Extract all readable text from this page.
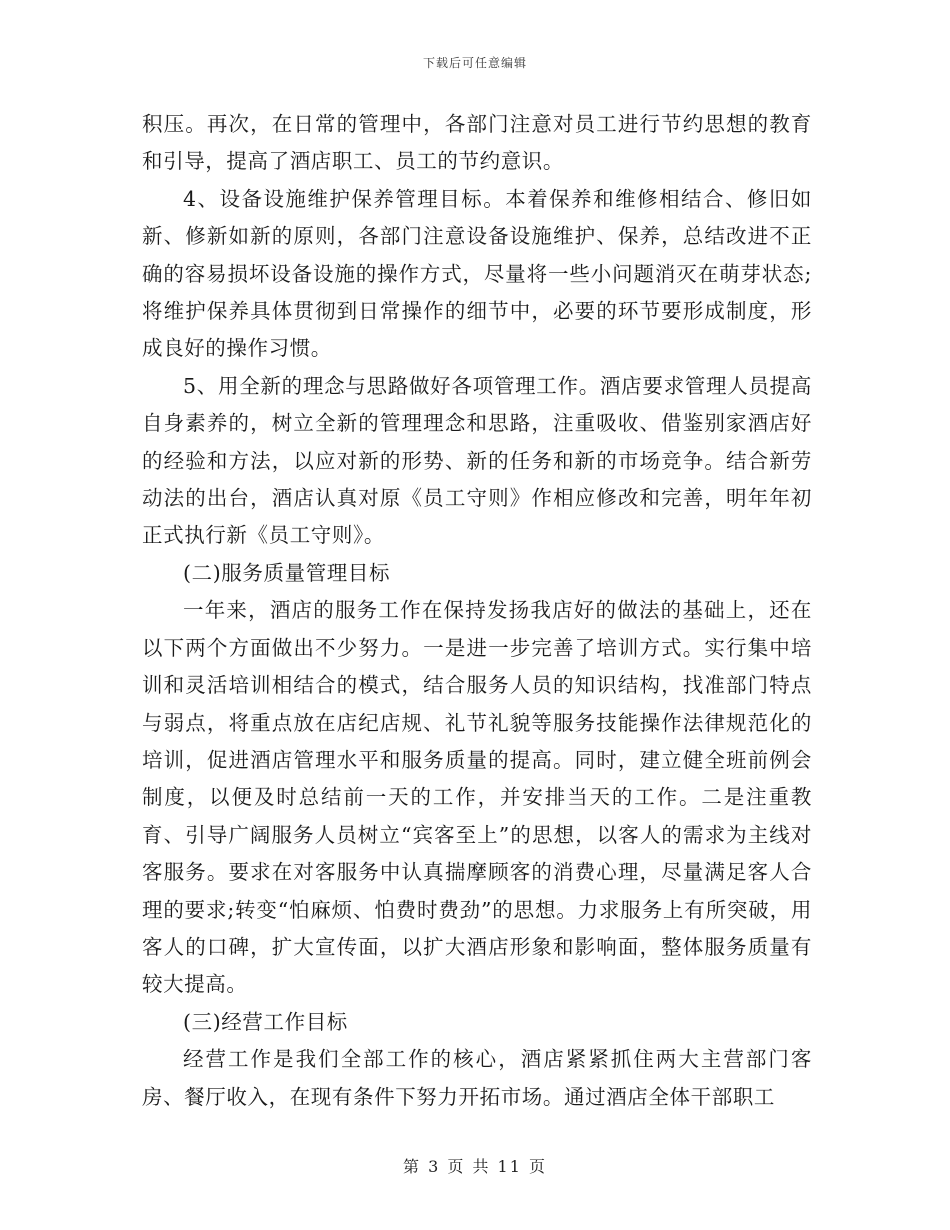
下载后可任意编辑

积压。再次，在日常的管理中，各部门注意对员工进行节约思想的教育和引导，提高了酒店职工、员工的节约意识。

4、设备设施维护保养管理目标。本着保养和维修相结合、修旧如新、修新如新的原则，各部门注意设备设施维护、保养，总结改进不正确的容易损坏设备设施的操作方式，尽量将一些小问题消灭在萌芽状态;将维护保养具体贯彻到日常操作的细节中，必要的环节要形成制度，形成良好的操作习惯。

5、用全新的理念与思路做好各项管理工作。酒店要求管理人员提高自身素养的，树立全新的管理理念和思路，注重吸收、借鉴别家酒店好的经验和方法，以应对新的形势、新的任务和新的市场竞争。结合新劳动法的出台，酒店认真对原《员工守则》作相应修改和完善，明年年初正式执行新《员工守则》。

(二)服务质量管理目标

一年来，酒店的服务工作在保持发扬我店好的做法的基础上，还在以下两个方面做出不少努力。一是进一步完善了培训方式。实行集中培训和灵活培训相结合的模式，结合服务人员的知识结构，找准部门特点与弱点，将重点放在店纪店规、礼节礼貌等服务技能操作法律规范化的培训，促进酒店管理水平和服务质量的提高。同时，建立健全班前例会制度，以便及时总结前一天的工作，并安排当天的工作。二是注重教育、引导广阔服务人员树立“宾客至上”的思想，以客人的需求为主线对客服务。要求在对客服务中认真揣摩顾客的消费心理，尽量满足客人合理的要求;转变“怕麻烦、怕费时费劲”的思想。力求服务上有所突破，用客人的口碑，扩大宣传面，以扩大酒店形象和影响面，整体服务质量有较大提高。

(三)经营工作目标

经营工作是我们全部工作的核心，酒店紧紧抓住两大主营部门客房、餐厅收入，在现有条件下努力开拓市场。通过酒店全体干部职工

第 3 页 共 11 页
